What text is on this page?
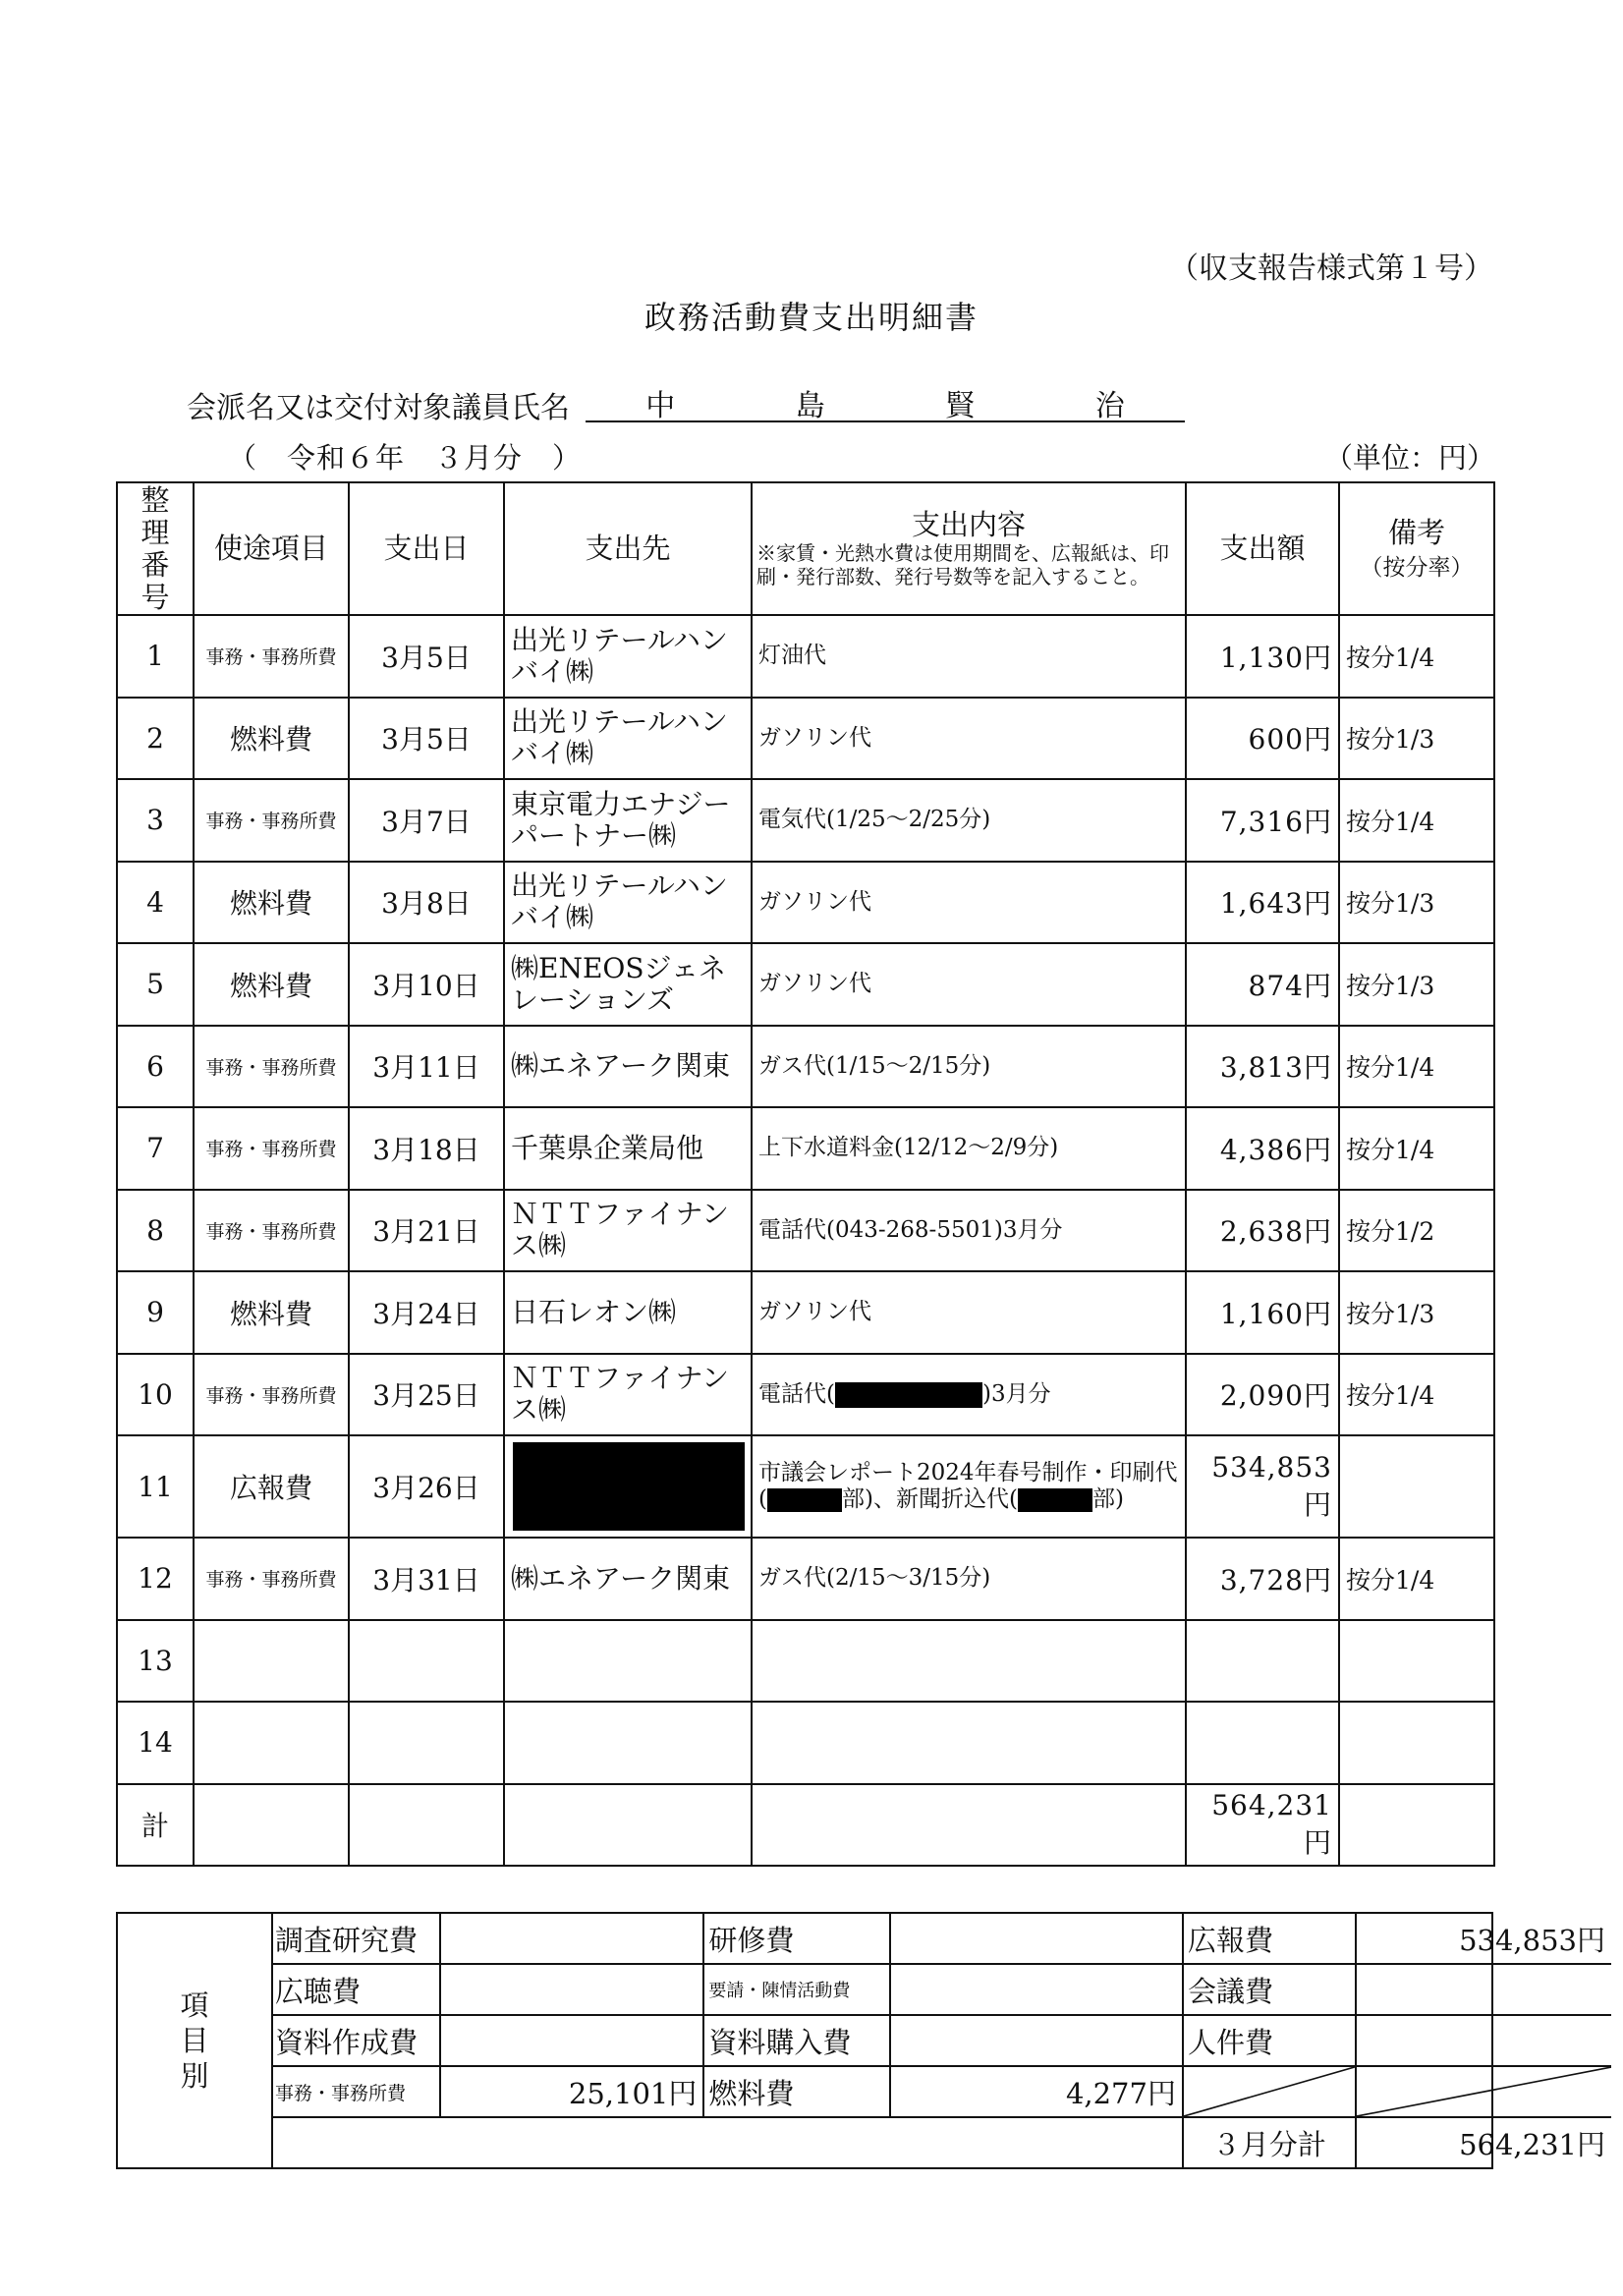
（収支報告様式第１号）
政務活動費支出明細書
会派名又は交付対象議員氏名	中	島	賢	治
（　令和６年　３月分　）	（単位：円）
整理番号	使途項目	支出日	支出先	支出内容
※家賃・光熱水費は使用期間を、広報紙は、印刷・発行部数、発行号数等を記入すること。	支出額	備考
（按分率）

1	事務・事務所費	3月5日	出光リテールハンバイ㈱	灯油代	1,130円	按分1/4
2	燃料費	3月5日	出光リテールハンバイ㈱	ガソリン代	600円	按分1/3
3	事務・事務所費	3月7日	東京電力エナジーパートナー㈱	電気代(1/25～2/25分)	7,316円	按分1/4
4	燃料費	3月8日	出光リテールハンバイ㈱	ガソリン代	1,643円	按分1/3
5	燃料費	3月10日	㈱ENEOSジェネレーションズ	ガソリン代	874円	按分1/3
6	事務・事務所費	3月11日	㈱エネアーク関東	ガス代(1/15～2/15分)	3,813円	按分1/4
7	事務・事務所費	3月18日	千葉県企業局他	上下水道料金(12/12～2/9分)	4,386円	按分1/4
8	事務・事務所費	3月21日	ＮＴＴファイナンス㈱	電話代(043-268-5501)3月分	2,638円	按分1/2
9	燃料費	3月24日	日石レオン㈱	ガソリン代	1,160円	按分1/3
10	事務・事務所費	3月25日	ＮＴＴファイナンス㈱	電話代( )3月分	2,090円	按分1/4
11	広報費	3月26日		市議会レポート2024年春号制作・印刷代( 部)、新聞折込代( 部)	534,853円	
12	事務・事務所費	3月31日	㈱エネアーク関東	ガス代(2/15～3/15分)	3,728円	按分1/4
13						
14						
計					564,231円	
項
目
別
調査研究費		研修費		広報費	534,853円
広聴費		要請・陳情活動費		会議費	
資料作成費		資料購入費		人件費	
事務・事務所費	25,101円	燃料費	4,277円	

				３月分計	564,231円
